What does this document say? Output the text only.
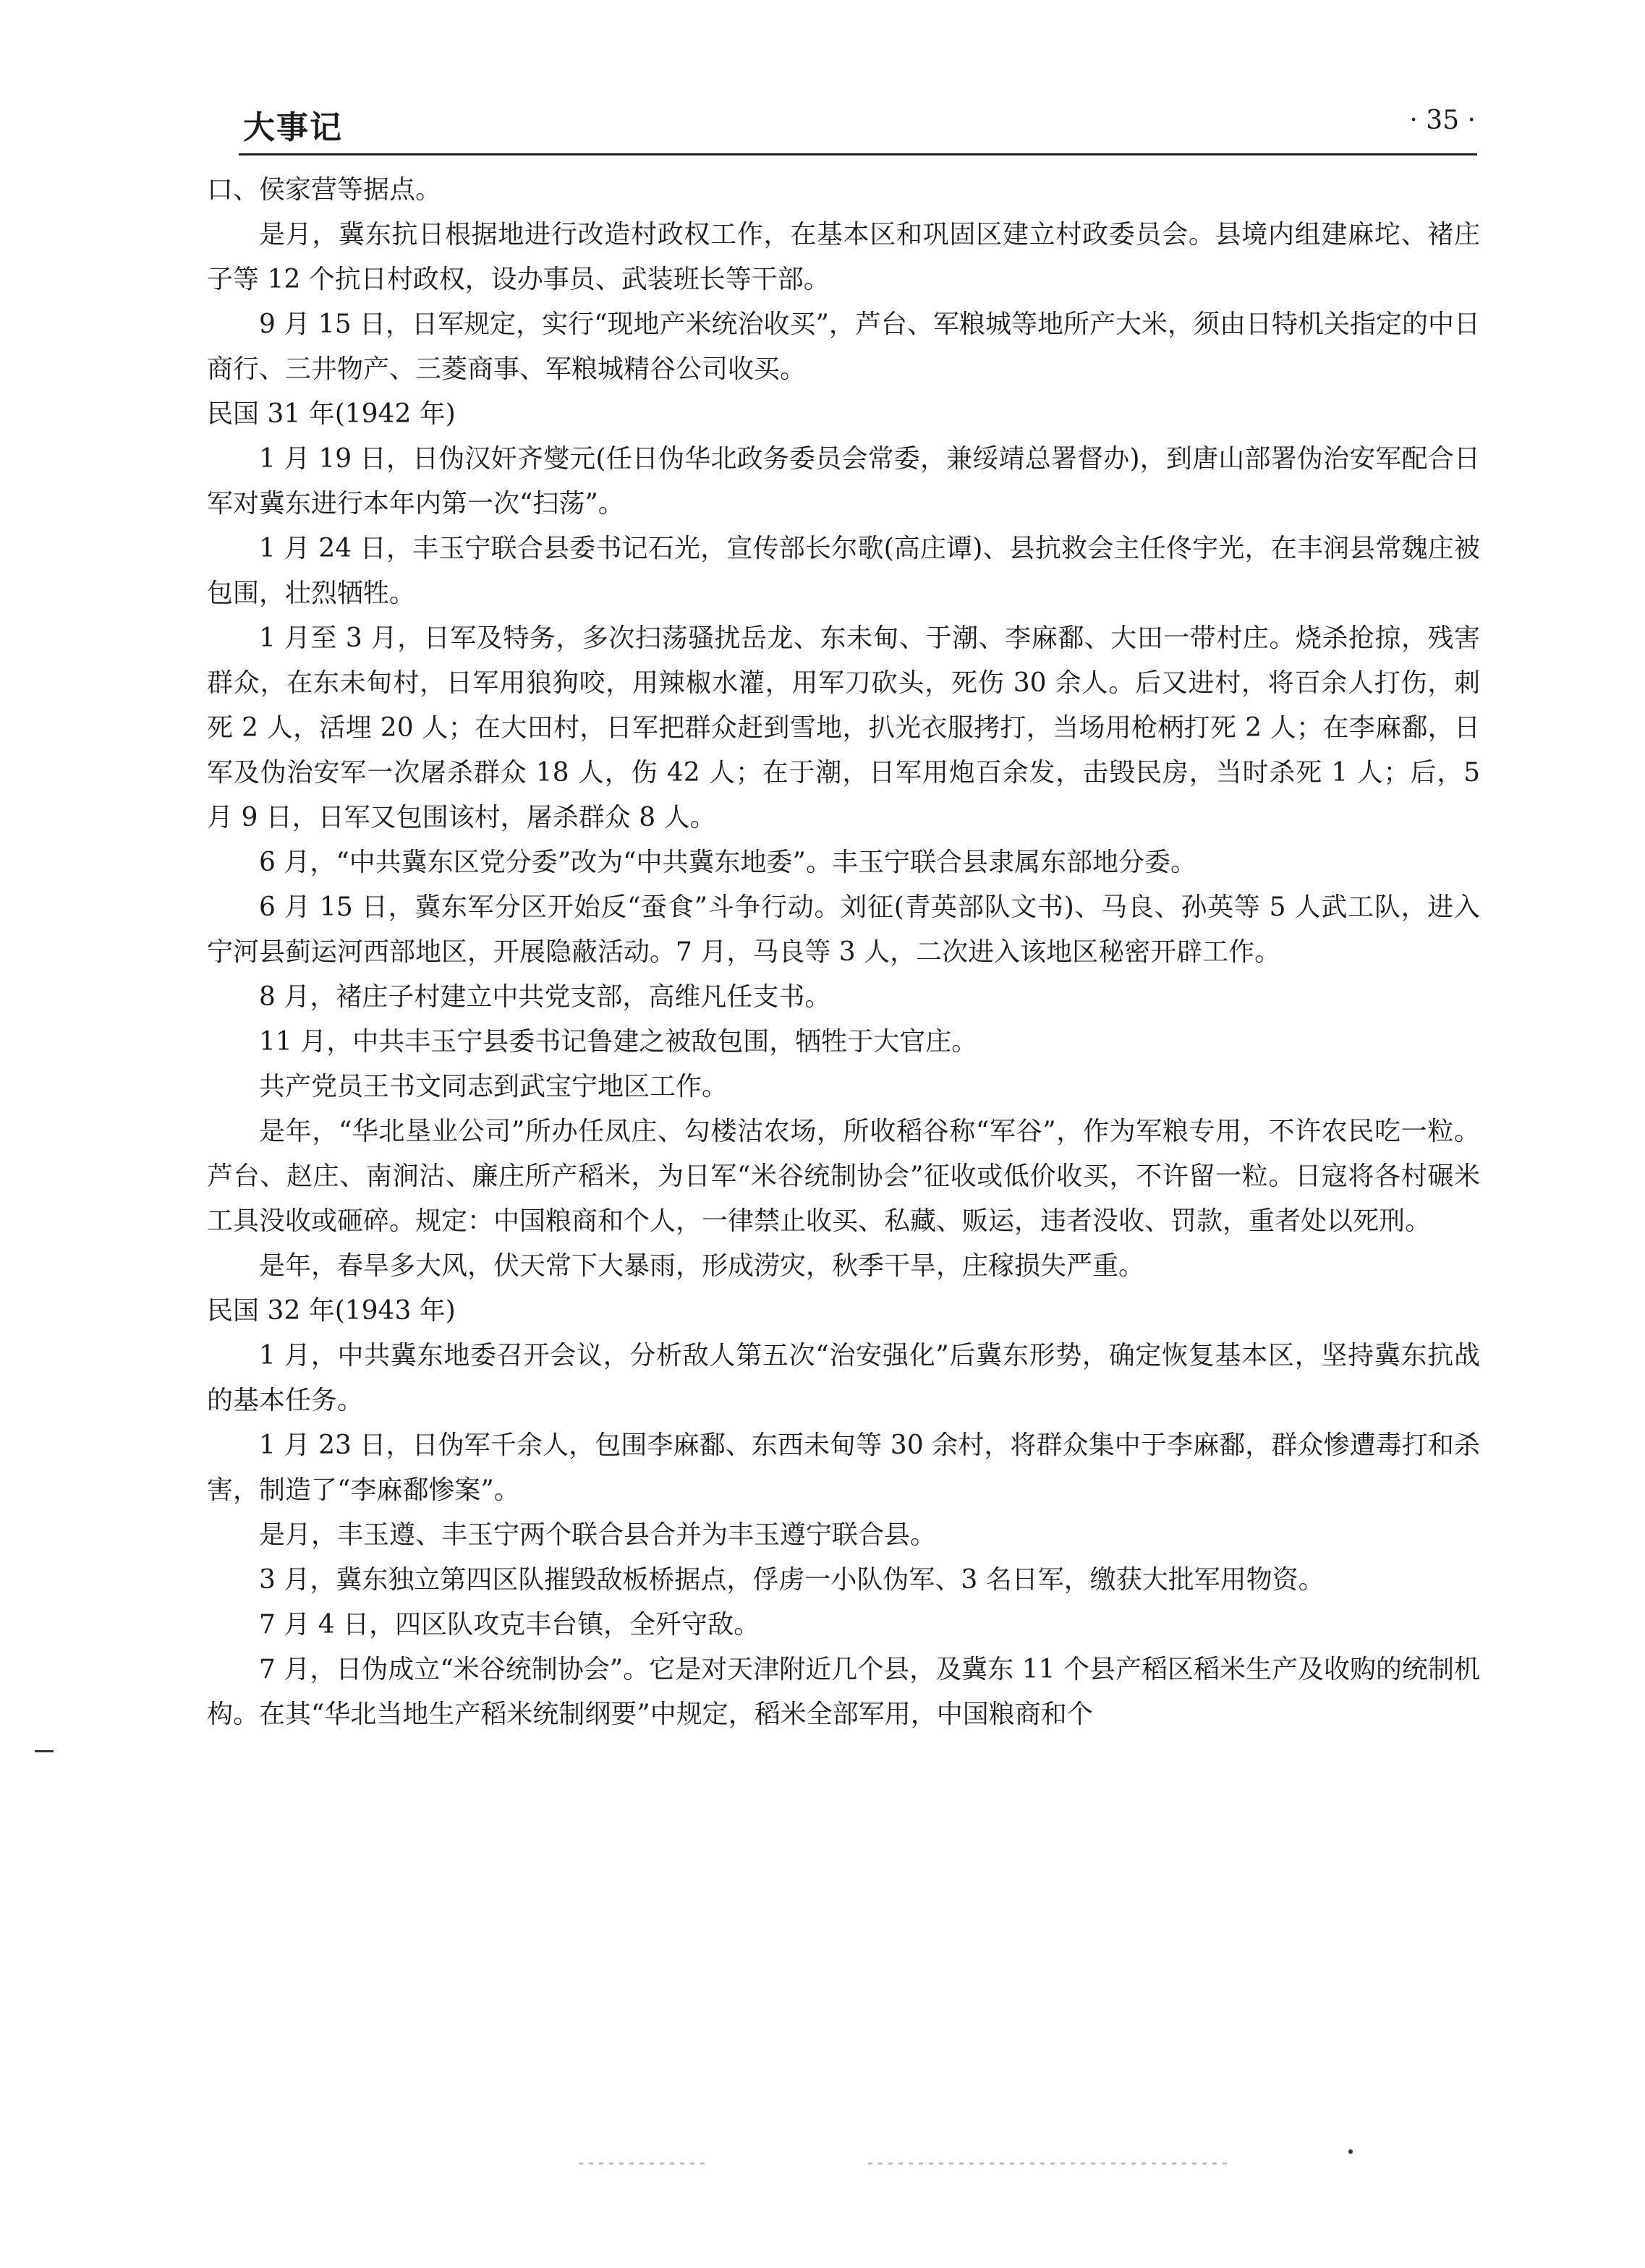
大事记	· 35 ·

口、侯家营等据点。

是月，冀东抗日根据地进行改造村政权工作，在基本区和巩固区建立村政委员会。县境内组建麻坨、褚庄子等 12 个抗日村政权，设办事员、武装班长等干部。

9 月 15 日，日军规定，实行“现地产米统治收买”，芦台、军粮城等地所产大米，须由日特机关指定的中日商行、三井物产、三菱商事、军粮城精谷公司收买。

民国 31 年(1942 年)

1 月 19 日，日伪汉奸齐燮元(任日伪华北政务委员会常委，兼绥靖总署督办)，到唐山部署伪治安军配合日军对冀东进行本年内第一次“扫荡”。

1 月 24 日，丰玉宁联合县委书记石光，宣传部长尔歌(高庄谭)、县抗救会主任佟宇光，在丰润县常魏庄被包围，壮烈牺牲。

1 月至 3 月，日军及特务，多次扫荡骚扰岳龙、东未甸、于潮、李麻鄱、大田一带村庄。烧杀抢掠，残害群众，在东未甸村，日军用狼狗咬，用辣椒水灌，用军刀砍头，死伤 30 余人。后又进村，将百余人打伤，刺死 2 人，活埋 20 人；在大田村，日军把群众赶到雪地，扒光衣服拷打，当场用枪柄打死 2 人；在李麻鄱，日军及伪治安军一次屠杀群众 18 人，伤 42 人；在于潮，日军用炮百余发，击毁民房，当时杀死 1 人；后，5 月 9 日，日军又包围该村，屠杀群众 8 人。

6 月，“中共冀东区党分委”改为“中共冀东地委”。丰玉宁联合县隶属东部地分委。

6 月 15 日，冀东军分区开始反“蚕食”斗争行动。刘征(青英部队文书)、马良、孙英等 5 人武工队，进入宁河县蓟运河西部地区，开展隐蔽活动。7 月，马良等 3 人，二次进入该地区秘密开辟工作。

8 月，褚庄子村建立中共党支部，高维凡任支书。

11 月，中共丰玉宁县委书记鲁建之被敌包围，牺牲于大官庄。

共产党员王书文同志到武宝宁地区工作。

是年，“华北垦业公司”所办任凤庄、勾楼沽农场，所收稻谷称“军谷”，作为军粮专用，不许农民吃一粒。芦台、赵庄、南涧沽、廉庄所产稻米，为日军“米谷统制协会”征收或低价收买，不许留一粒。日寇将各村碾米工具没收或砸碎。规定：中国粮商和个人，一律禁止收买、私藏、贩运，违者没收、罚款，重者处以死刑。

是年，春旱多大风，伏天常下大暴雨，形成涝灾，秋季干旱，庄稼损失严重。

民国 32 年(1943 年)

1 月，中共冀东地委召开会议，分析敌人第五次“治安强化”后冀东形势，确定恢复基本区，坚持冀东抗战的基本任务。

1 月 23 日，日伪军千余人，包围李麻鄱、东西未甸等 30 余村，将群众集中于李麻鄱，群众惨遭毒打和杀害，制造了“李麻鄱惨案”。

是月，丰玉遵、丰玉宁两个联合县合并为丰玉遵宁联合县。

3 月，冀东独立第四区队摧毁敌板桥据点，俘虏一小队伪军、3 名日军，缴获大批军用物资。

7 月 4 日，四区队攻克丰台镇，全歼守敌。

7 月，日伪成立“米谷统制协会”。它是对天津附近几个县，及冀东 11 个县产稻区稻米生产及收购的统制机构。在其“华北当地生产稻米统制纲要”中规定，稻米全部军用，中国粮商和个
